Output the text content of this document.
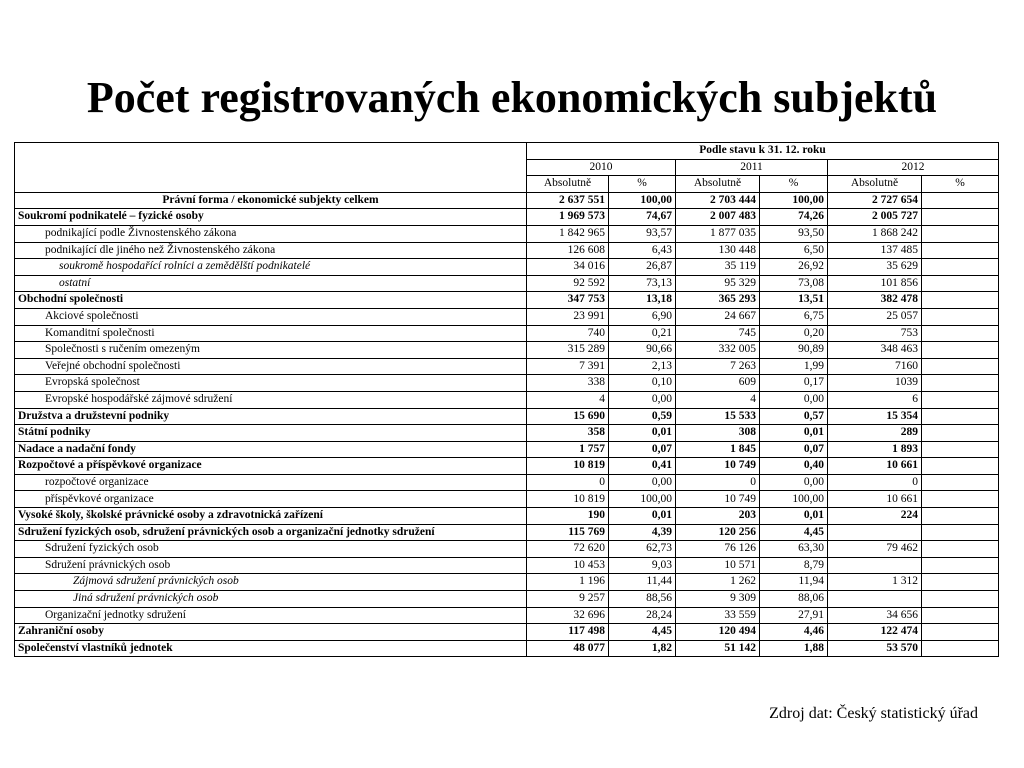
Počet registrovaných ekonomických subjektů
	Podle stavu k 31. 12. roku					
	2010		2011		2012	
	Absolutně	%	Absolutně	%	Absolutně	%
Právní forma / ekonomické subjekty celkem	2 637 551	100,00	2 703 444	100,00	2 727 654	
Soukromí podnikatelé – fyzické osoby	1 969 573	74,67	2 007 483	74,26	2 005 727	
podnikající podle Živnostenského zákona	1 842 965	93,57	1 877 035	93,50	1 868 242	
podnikající dle jiného než Živnostenského zákona	126 608	6,43	130 448	6,50	137 485	
soukromě hospodařící rolníci a zemědělští podnikatelé	34 016	26,87	35 119	26,92	35 629	
ostatní	92 592	73,13	95 329	73,08	101 856	
Obchodní společnosti	347 753	13,18	365 293	13,51	382 478	
Akciové společnosti	23 991	6,90	24 667	6,75	25 057	
Komanditní společnosti	740	0,21	745	0,20	753	
Společnosti s ručením omezeným	315 289	90,66	332 005	90,89	348 463	
Veřejné obchodní společnosti	7 391	2,13	7 263	1,99	7160	
Evropská společnost	338	0,10	609	0,17	1039	
Evropské hospodářské zájmové sdružení	4	0,00	4	0,00	6	
Družstva a družstevní podniky	15 690	0,59	15 533	0,57	15 354	
Státní podniky	358	0,01	308	0,01	289	
Nadace a nadační fondy	1 757	0,07	1 845	0,07	1 893	
Rozpočtové a příspěvkové organizace	10 819	0,41	10 749	0,40	10 661	
rozpočtové organizace	0	0,00	0	0,00	0	
příspěvkové organizace	10 819	100,00	10 749	100,00	10 661	
Vysoké školy, školské právnické osoby a zdravotnická zařízení	190	0,01	203	0,01	224	
Sdružení fyzických osob, sdružení právnických osob a organizační jednotky sdružení	115 769	4,39	120 256	4,45		
Sdružení fyzických osob	72 620	62,73	76 126	63,30	79 462	
Sdružení právnických osob	10 453	9,03	10 571	8,79		
Zájmová sdružení právnických osob	1 196	11,44	1 262	11,94	1 312	
Jiná sdružení právnických osob	9 257	88,56	9 309	88,06		
Organizační jednotky sdružení	32 696	28,24	33 559	27,91	34 656	
Zahraniční osoby	117 498	4,45	120 494	4,46	122 474	
Společenství vlastníků jednotek	48 077	1,82	51 142	1,88	53 570	
Zdroj dat: Český statistický úřad
